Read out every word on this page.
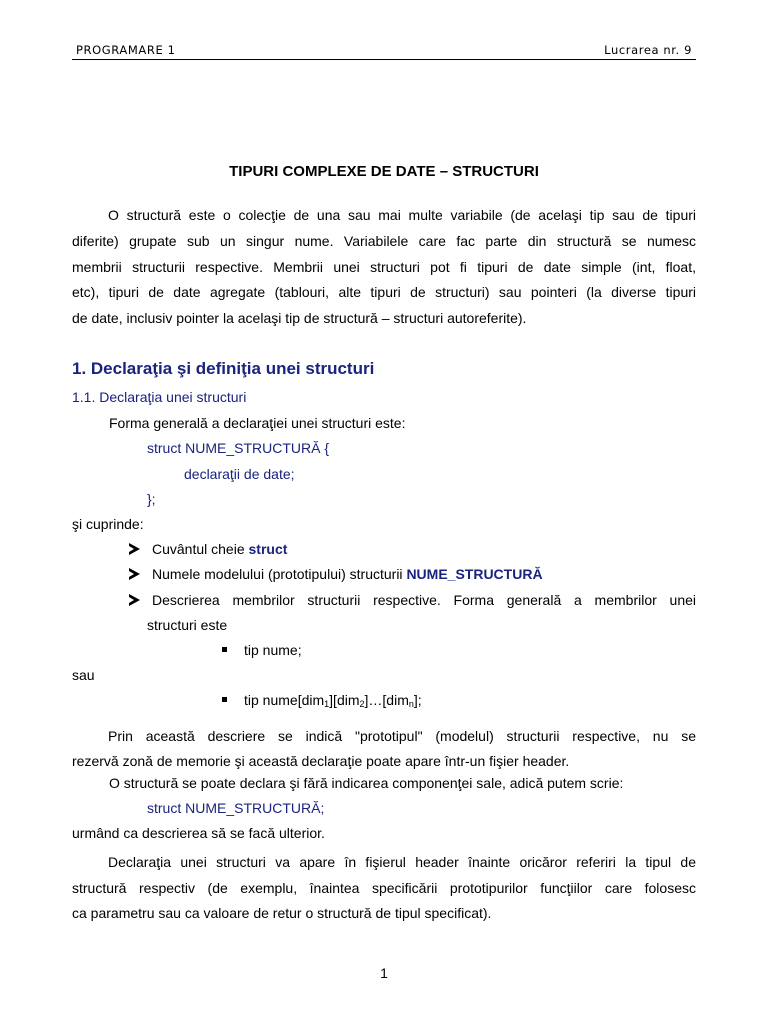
PROGRAMARE 1	Lucrarea nr. 9
TIPURI COMPLEXE DE DATE – STRUCTURI

O structură este o colecţie de una sau mai multe variabile (de acelaşi tip sau de tipuri

diferite) grupate sub un singur nume. Variabilele care fac parte din structură se numesc

membrii structurii respective. Membrii unei structuri pot fi tipuri de date simple (int, float,

etc), tipuri de date agregate (tablouri, alte tipuri de structuri) sau pointeri (la diverse tipuri

de date, inclusiv pointer la acelaşi tip de structură – structuri autoreferite).

1. Declaraţia şi definiţia unei structuri
1.1. Declaraţia unei structuri
Forma generală a declaraţiei unei structuri este:
struct NUME_STRUCTURĂ {
declaraţii de date;
};
şi cuprinde:
Cuvântul cheie struct
Numele modelului (prototipului) structurii NUME_STRUCTURĂ

Descrierea membrilor structurii respective. Forma generală a membrilor unei

structuri este
tip nume;
sau
tip nume[dim$_1$][dim$_2$]…[dim$_n$];

Prin această descriere se indică "prototipul" (modelul) structurii respective, nu se

rezervă zonă de memorie şi această declaraţie poate apare într-un fişier header.

O structură se poate declara şi fără indicarea componenţei sale, adică putem scrie:
struct NUME_STRUCTURĂ;
urmând ca descrierea să se facă ulterior.

Declaraţia unei structuri va apare în fişierul header înainte oricăror referiri la tipul de

structură respectiv (de exemplu, înaintea specificării prototipurilor funcţiilor care folosesc

ca parametru sau ca valoare de retur o structură de tipul specificat).

1
